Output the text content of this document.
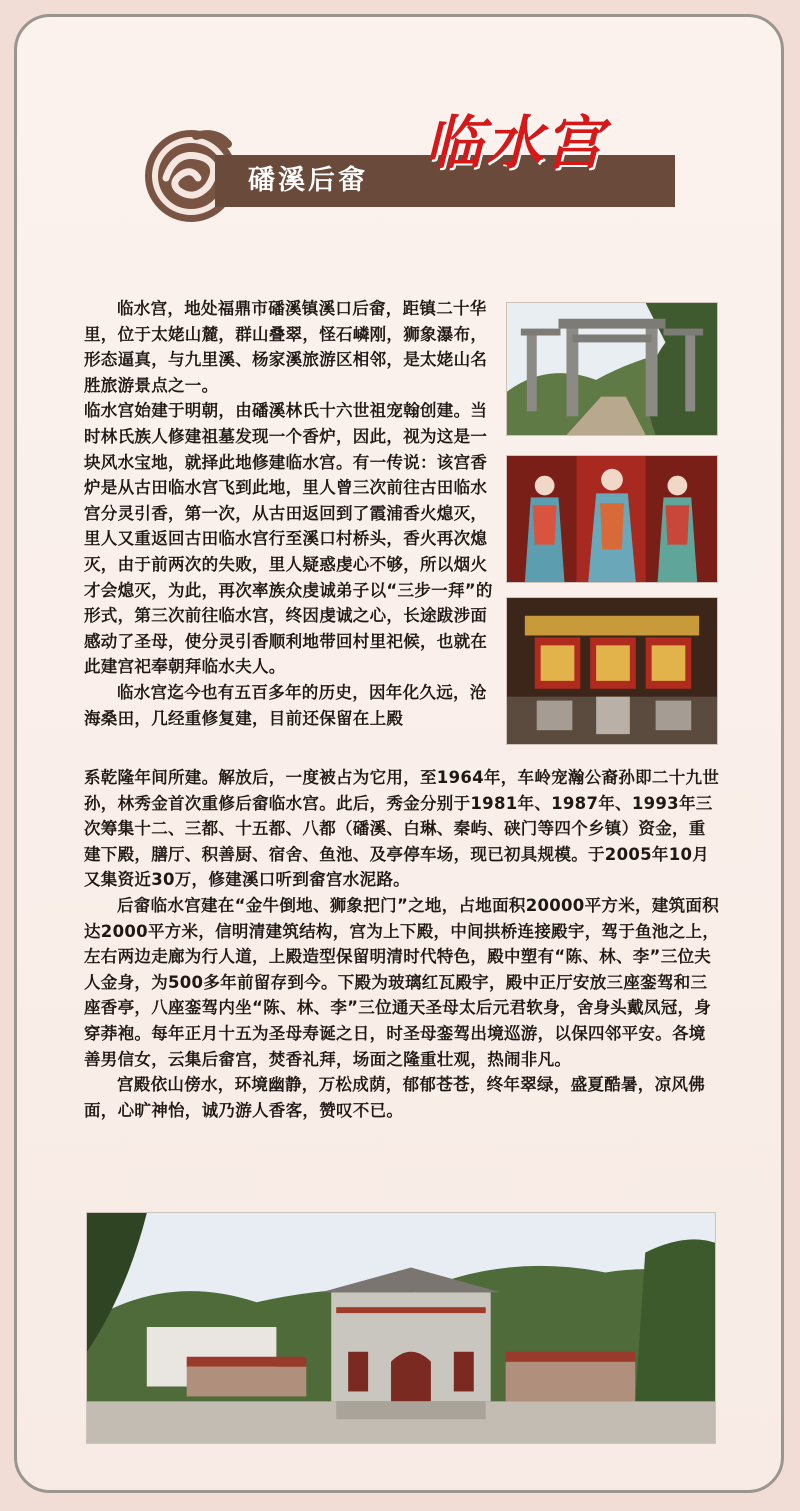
磻溪后畲
临水宫

临水宫，地处福鼎市磻溪镇溪口后畲，距镇二十华里，位于太姥山麓，群山叠翠，怪石嶙刚，狮象瀑布，形态逼真，与九里溪、杨家溪旅游区相邻，是太姥山名胜旅游景点之一。

临水宫始建于明朝，由磻溪林氏十六世祖宠翰创建。当时林氏族人修建祖墓发现一个香炉，因此，视为这是一块风水宝地，就择此地修建临水宫。有一传说：该宫香炉是从古田临水宫飞到此地，里人曾三次前往古田临水宫分灵引香，第一次，从古田返回到了霞浦香火熄灭，里人又重返回古田临水宫行至溪口村桥头，香火再次熄灭，由于前两次的失败，里人疑惑虔心不够，所以烟火才会熄灭，为此，再次率族众虔诚弟子以“三步一拜”的形式，第三次前往临水宫，终因虔诚之心，长途跋涉面感动了圣母，使分灵引香顺利地带回村里祀候，也就在此建宫祀奉朝拜临水夫人。

临水宫迄今也有五百多年的历史，因年化久远，沧海桑田，几经重修复建，目前还保留在上殿

系乾隆年间所建。解放后，一度被占为它用，至1964年，车岭宠瀚公裔孙即二十九世孙，林秀金首次重修后畲临水宫。此后，秀金分别于1981年、1987年、1993年三次筹集十二、三都、十五都、八都（磻溪、白琳、秦屿、硖门等四个乡镇）资金，重建下殿，膳厅、积善厨、宿舍、鱼池、及亭停车场，现已初具规模。于2005年10月又集资近30万，修建溪口听到畲宫水泥路。

后畲临水宫建在“金牛倒地、狮象把门”之地，占地面积20000平方米，建筑面积达2000平方米，信明清建筑结构，宫为上下殿，中间拱桥连接殿宇，驾于鱼池之上，左右两边走廊为行人道，上殿造型保留明清时代特色，殿中塑有“陈、林、李”三位夫人金身，为500多年前留存到今。下殿为玻璃红瓦殿宇，殿中正厅安放三座銮驾和三座香亭，八座銮驾内坐“陈、林、李”三位通天圣母太后元君软身，舍身头戴凤冠，身穿莽袍。每年正月十五为圣母寿诞之日，时圣母銮驾出境巡游，以保四邻平安。各境善男信女，云集后畲宫，焚香礼拜，场面之隆重壮观，热闹非凡。

宫殿依山傍水，环境幽静，万松成荫，郁郁苍苍，终年翠绿，盛夏酷暑，凉风佛面，心旷神怡，诚乃游人香客，赞叹不已。
